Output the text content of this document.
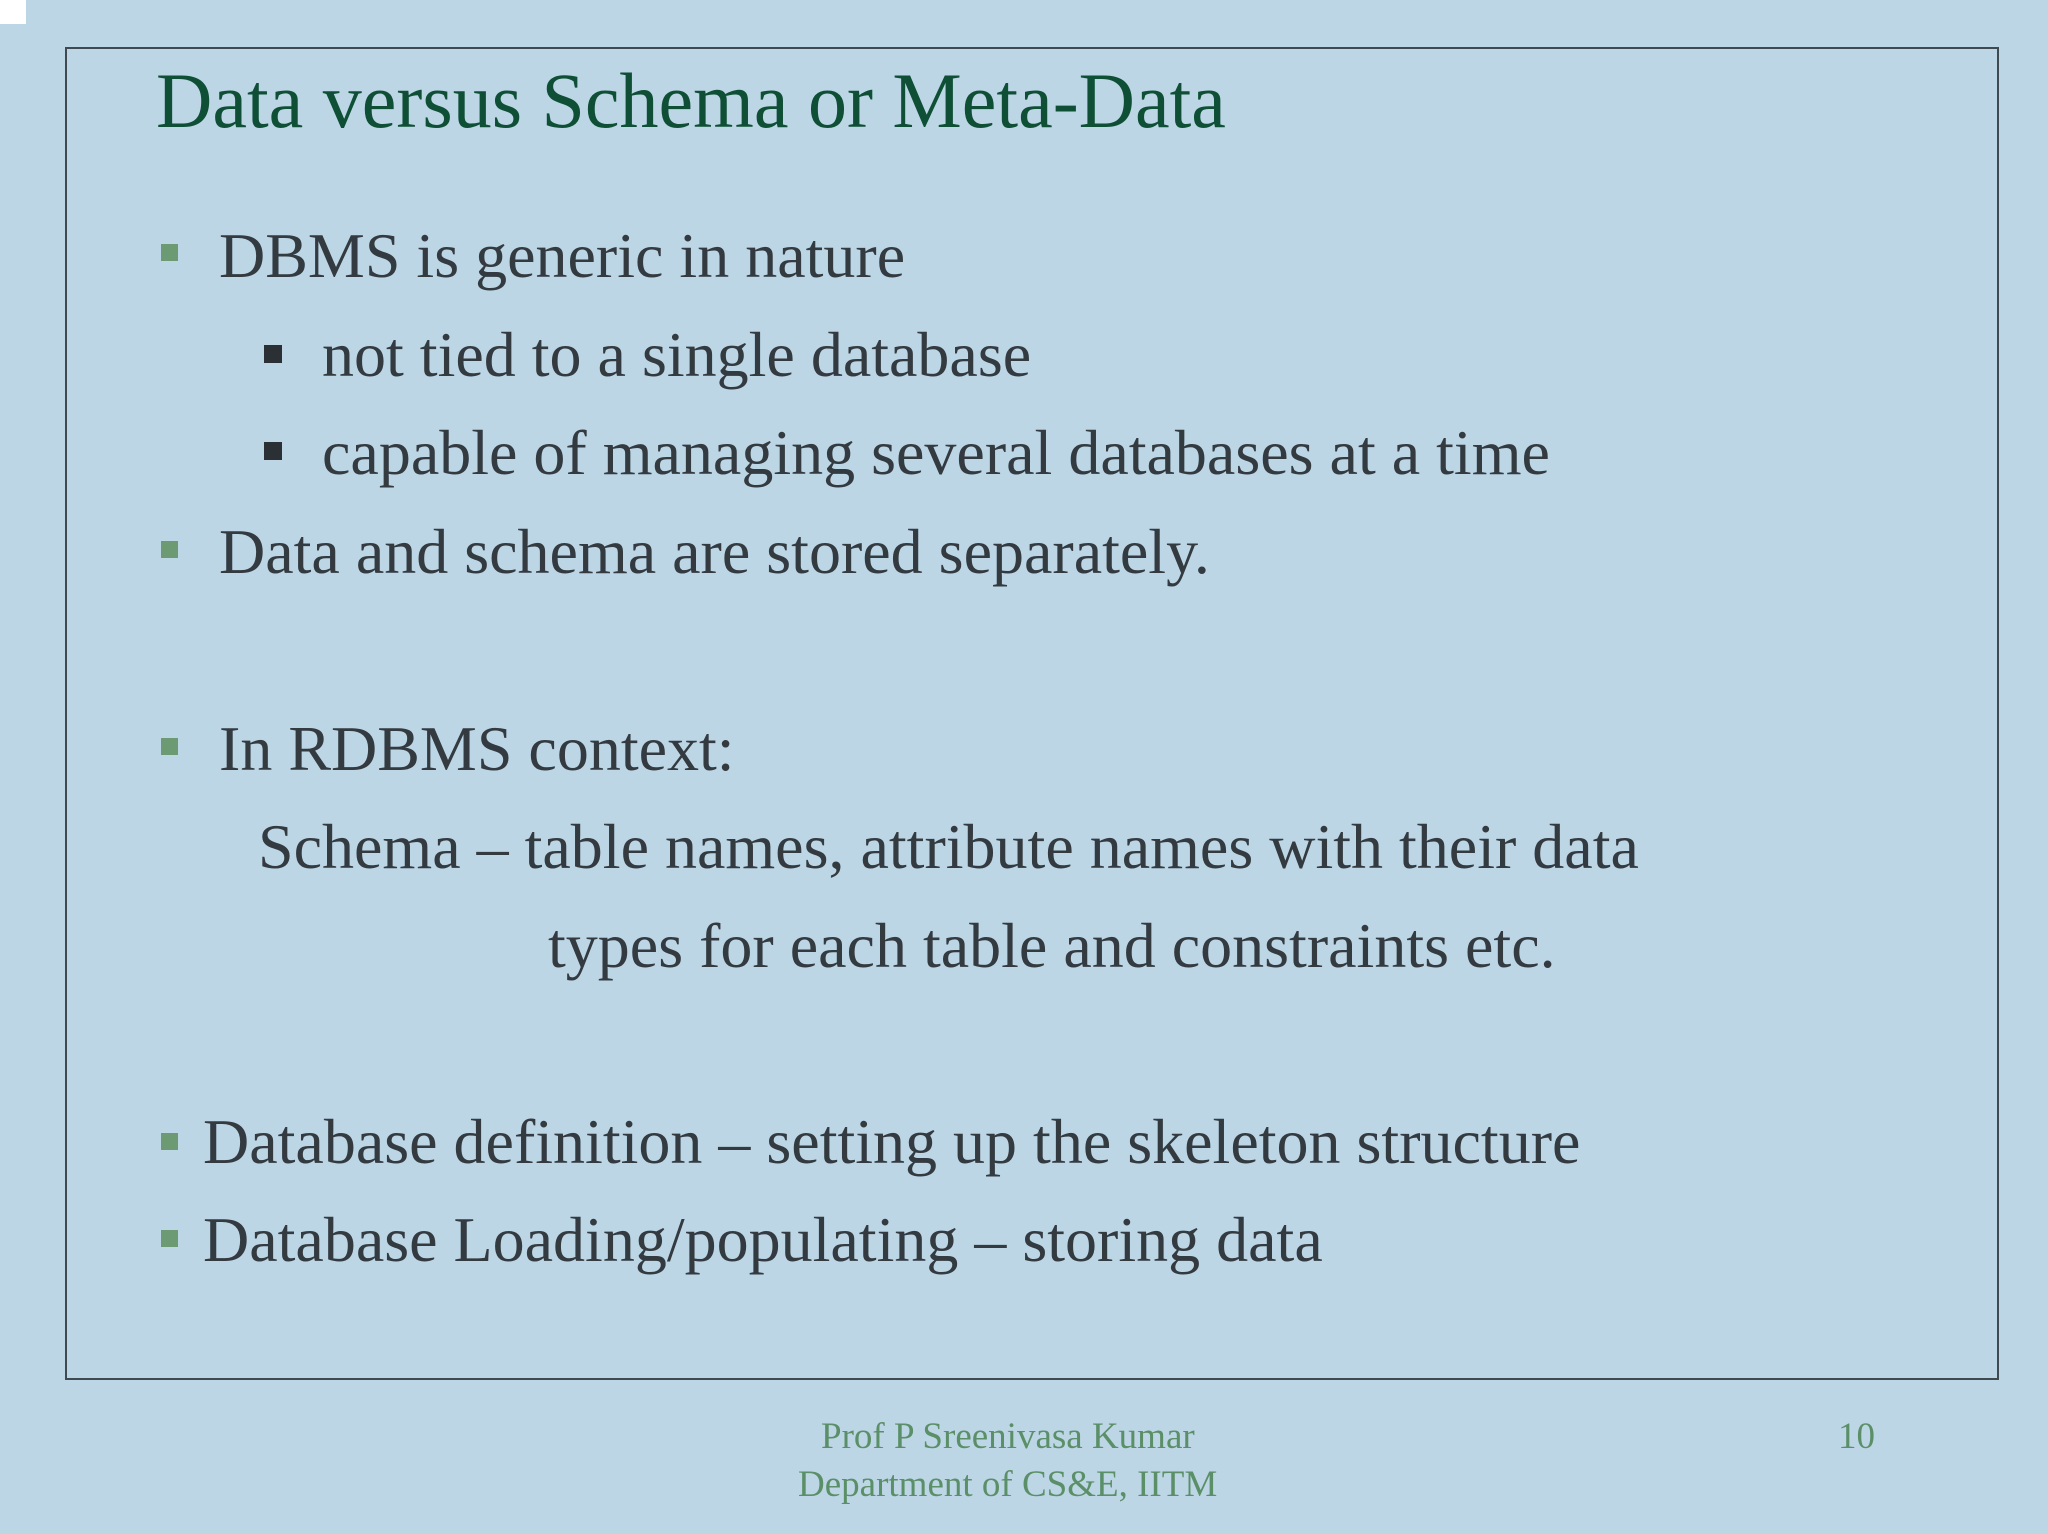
Data versus Schema or Meta-Data
DBMS is generic in nature
not tied to a single database
capable of managing several databases at a time
Data and schema are stored separately.
In RDBMS context:
Schema – table names, attribute names with their data
types for each table and constraints etc.
Database definition – setting up the skeleton structure
Database Loading/populating – storing data
Prof P Sreenivasa Kumar
Department of CS&E, IITM
10
